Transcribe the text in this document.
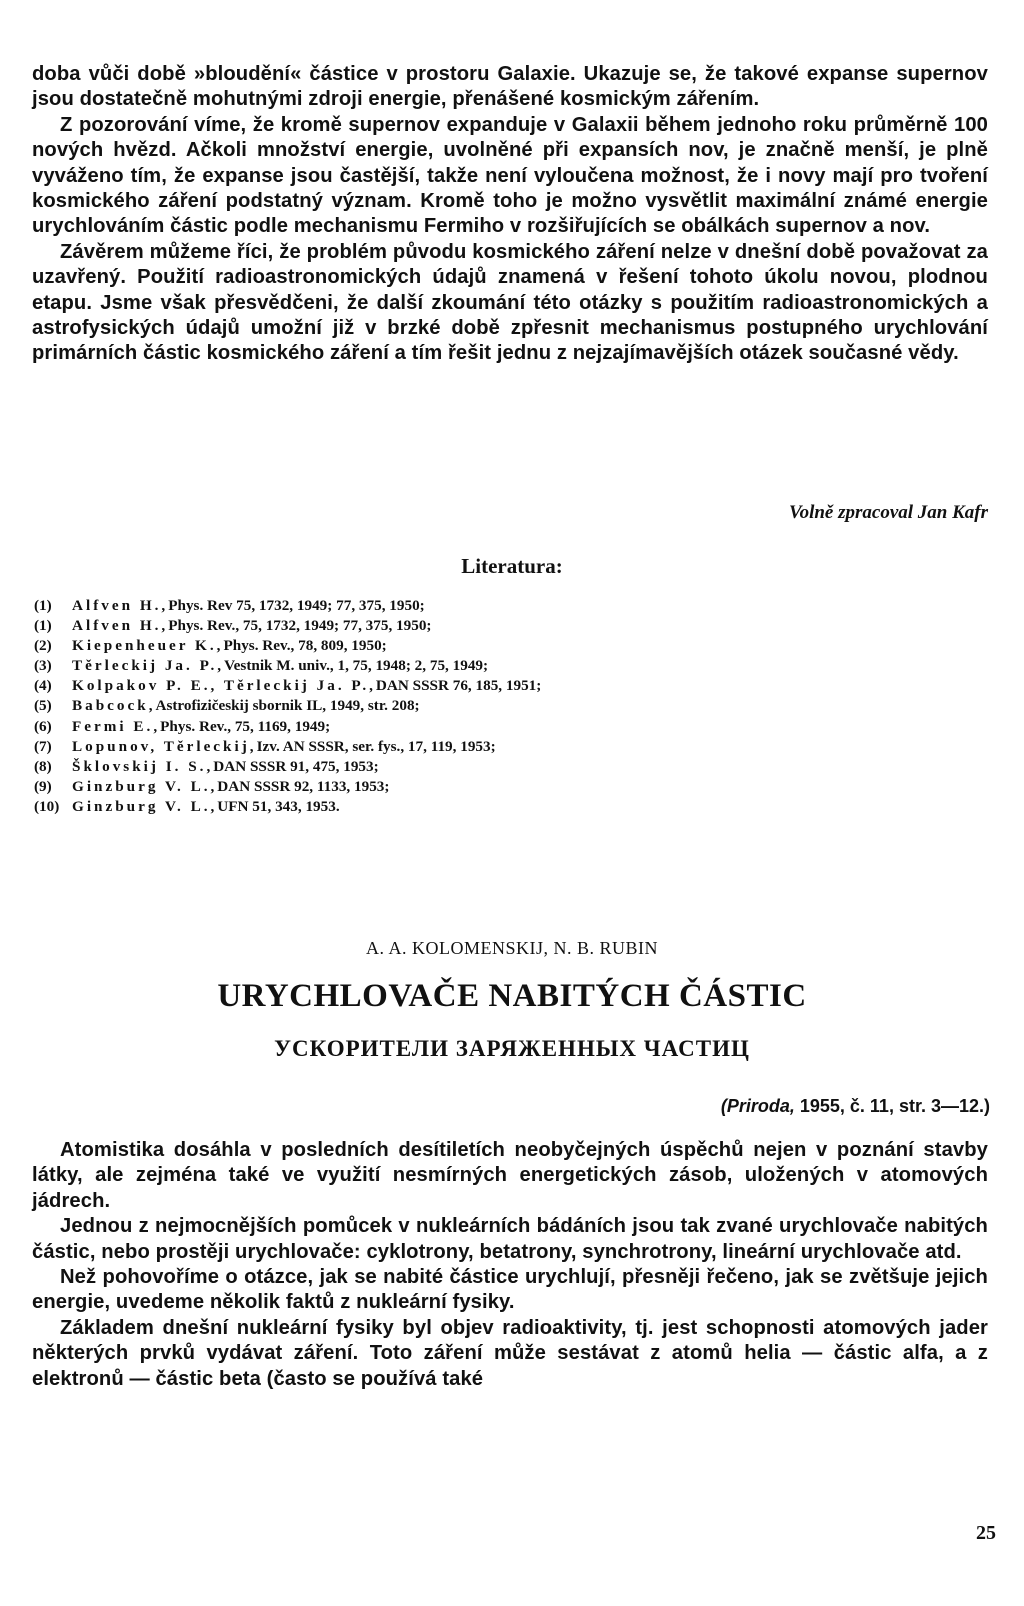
doba vůči době »bloudění« částice v prostoru Galaxie. Ukazuje se, že takové expanse supernov jsou dostatečně mohutnými zdroji energie, přenášené kosmickým zářením.

Z pozorování víme, že kromě supernov expanduje v Galaxii během jednoho roku průměrně 100 nových hvězd. Ačkoli množství energie, uvolněné při expansích nov, je značně menší, je plně vyváženo tím, že expanse jsou častější, takže není vyloučena možnost, že i novy mají pro tvoření kosmického záření podstatný význam. Kromě toho je možno vysvětlit maximální známé energie urychlováním částic podle mechanismu Fermiho v rozšiřujících se obálkách supernov a nov.

Závěrem můžeme říci, že problém původu kosmického záření nelze v dnešní době považovat za uzavřený. Použití radioastronomických údajů znamená v řešení tohoto úkolu novou, plodnou etapu. Jsme však přesvědčeni, že další zkoumání této otázky s použitím radioastronomických a astrofysických údajů umožní již v brzké době zpřesnit mechanismus postupného urychlování primárních částic kosmického záření a tím řešit jednu z nejzajímavějších otázek současné vědy.

Volně zpracoval Jan Kafr
Literatura:
(1)	Alfven H., Phys. Rev 75, 1732, 1949; 77, 375, 1950;
(1)	Alfven H., Phys. Rev., 75, 1732, 1949; 77, 375, 1950;
(2)	Kiepenheuer K., Phys. Rev., 78, 809, 1950;
(3)	Těrleckij Ja. P., Vestnik M. univ., 1, 75, 1948; 2, 75, 1949;
(4)	Kolpakov P. E., Těrleckij Ja. P., DAN SSSR 76, 185, 1951;
(5)	Babcock, Astrofizičeskij sbornik IL, 1949, str. 208;
(6)	Fermi E., Phys. Rev., 75, 1169, 1949;
(7)	Lopunov, Těrleckij, Izv. AN SSSR, ser. fys., 17, 119, 1953;
(8)	Šklovskij I. S., DAN SSSR 91, 475, 1953;
(9)	Ginzburg V. L., DAN SSSR 92, 1133, 1953;
(10) Ginzburg V. L., UFN 51, 343, 1953.
A. A. KOLOMENSKIJ, N. B. RUBIN
URYCHLOVAČE NABITÝCH ČÁSTIC
УСКОРИТЕЛИ ЗАРЯЖЕННЫХ ЧАСТИЦ
(Priroda, 1955, č. 11, str. 3—12.)

Atomistika dosáhla v posledních desítiletích neobyčejných úspěchů nejen v poznání stavby látky, ale zejména také ve využití nesmírných energetických zásob, uložených v atomových jádrech.

Jednou z nejmocnějších pomůcek v nukleárních bádáních jsou tak zvané urychlovače nabitých částic, nebo prostěji urychlovače: cyklotrony, betatrony, synchrotrony, lineární urychlovače atd.

Než pohovoříme o otázce, jak se nabité částice urychlují, přesněji řečeno, jak se zvětšuje jejich energie, uvedeme několik faktů z nukleární fysiky.

Základem dnešní nukleární fysiky byl objev radioaktivity, tj. jest schopnosti atomových jader některých prvků vydávat záření. Toto záření může sestávat z atomů helia — částic alfa, a z elektronů — částic beta (často se používá také

25
